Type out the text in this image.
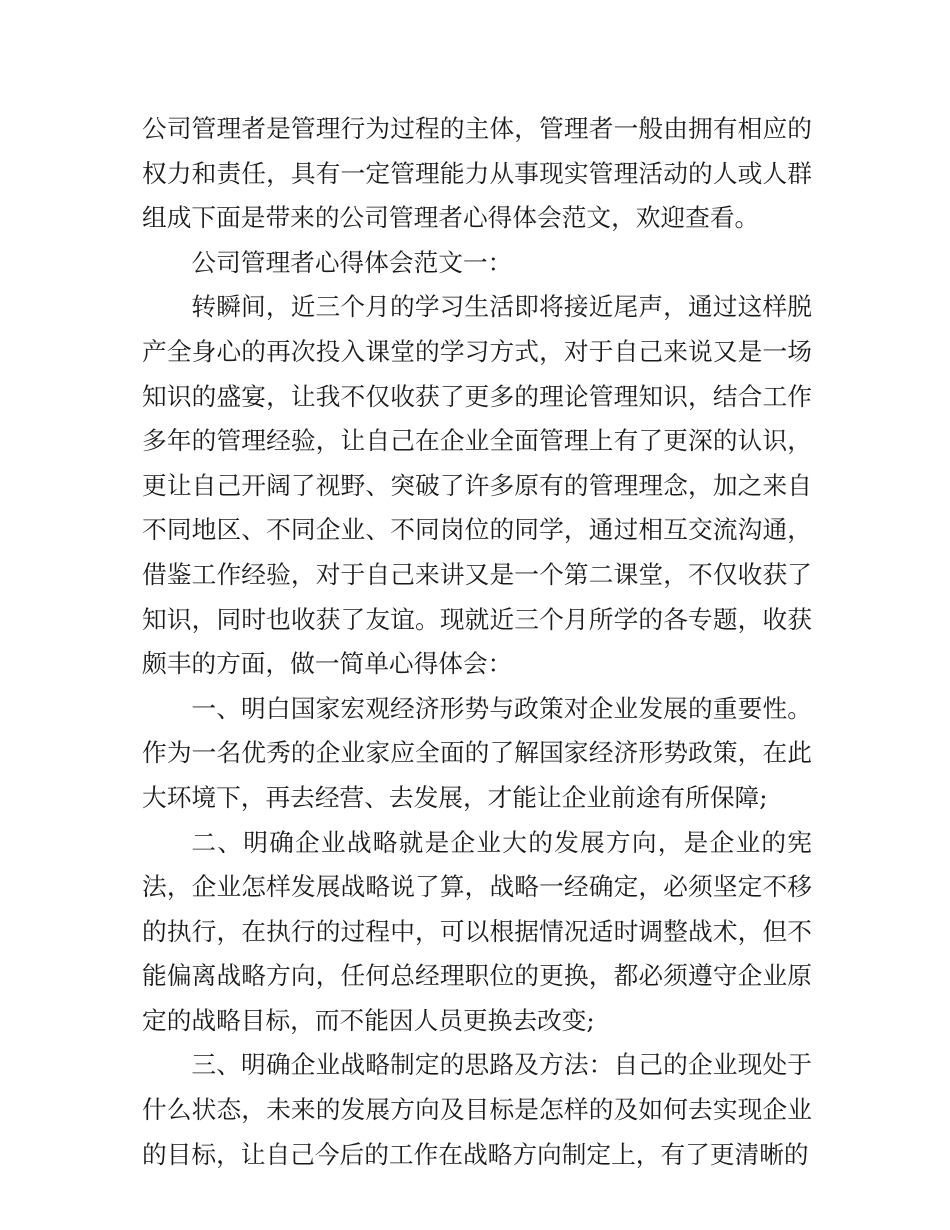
公司管理者是管理行为过程的主体，管理者一般由拥有相应的权力和责任，具有一定管理能力从事现实管理活动的人或人群组成下面是带来的公司管理者心得体会范文，欢迎查看。

公司管理者心得体会范文一：

转瞬间，近三个月的学习生活即将接近尾声，通过这样脱产全身心的再次投入课堂的学习方式，对于自己来说又是一场知识的盛宴，让我不仅收获了更多的理论管理知识，结合工作多年的管理经验，让自己在企业全面管理上有了更深的认识，更让自己开阔了视野、突破了许多原有的管理理念，加之来自不同地区、不同企业、不同岗位的同学，通过相互交流沟通，借鉴工作经验，对于自己来讲又是一个第二课堂，不仅收获了知识，同时也收获了友谊。现就近三个月所学的各专题，收获颇丰的方面，做一简单心得体会：

一、明白国家宏观经济形势与政策对企业发展的重要性。作为一名优秀的企业家应全面的了解国家经济形势政策，在此大环境下，再去经营、去发展，才能让企业前途有所保障;

二、明确企业战略就是企业大的发展方向，是企业的宪法，企业怎样发展战略说了算，战略一经确定，必须坚定不移的执行，在执行的过程中，可以根据情况适时调整战术，但不能偏离战略方向，任何总经理职位的更换，都必须遵守企业原定的战略目标，而不能因人员更换去改变;

三、明确企业战略制定的思路及方法：自己的企业现处于什么状态，未来的发展方向及目标是怎样的及如何去实现企业的目标，让自己今后的工作在战略方向制定上，有了更清晰的
